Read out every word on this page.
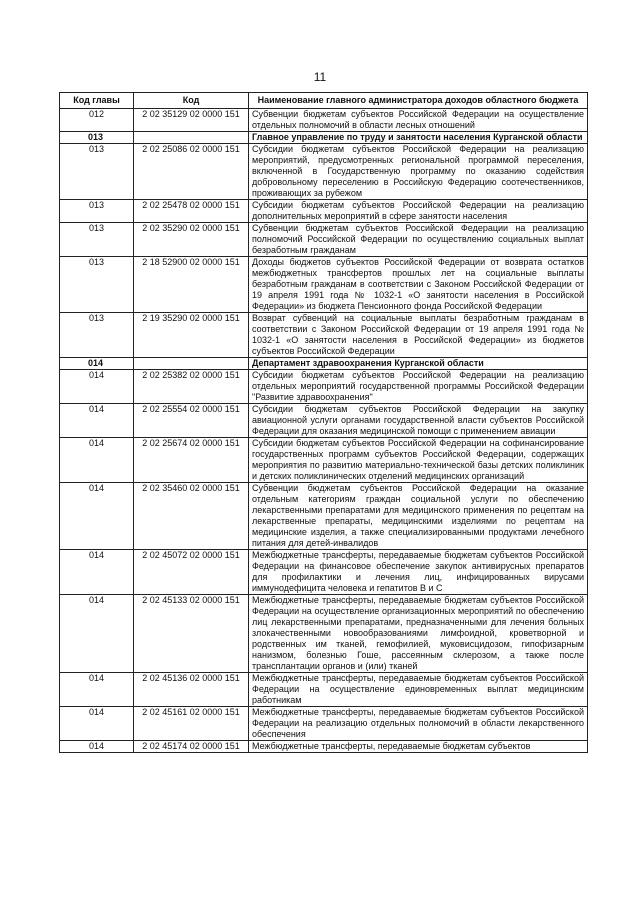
11
Код главы	Код	Наименование главного администратора доходов областного бюджета
012	2 02 35129 02 0000 151	Субвенции бюджетам субъектов Российской Федерации на осуществление отдельных полномочий в области лесных отношений
013		Главное управление по труду и занятости населения Курганской области
013	2 02 25086 02 0000 151	Субсидии бюджетам субъектов Российской Федерации на реализацию мероприятий, предусмотренных региональной программой переселения, включенной в Государственную программу по оказанию содействия добровольному переселению в Российскую Федерацию соотечественников, проживающих за рубежом
013	2 02 25478 02 0000 151	Субсидии бюджетам субъектов Российской Федерации на реализацию дополнительных мероприятий в сфере занятости населения
013	2 02 35290 02 0000 151	Субвенции бюджетам субъектов Российской Федерации на реализацию полномочий Российской Федерации по осуществлению социальных выплат безработным гражданам
013	2 18 52900 02 0000 151	Доходы бюджетов субъектов Российской Федерации от возврата остатков межбюджетных трансфертов прошлых лет на социальные выплаты безработным гражданам в соответствии с Законом Российской Федерации от 19 апреля 1991 года № 1032-1 «О занятости населения в Российской Федерации» из бюджета Пенсионного фонда Российской Федерации
013	2 19 35290 02 0000 151	Возврат субвенций на социальные выплаты безработным гражданам в соответствии с Законом Российской Федерации от 19 апреля 1991 года № 1032-1 «О занятости населения в Российской Федерации» из бюджетов субъектов Российской Федерации
014		Департамент здравоохранения Курганской области
014	2 02 25382 02 0000 151	Субсидии бюджетам субъектов Российской Федерации на реализацию отдельных мероприятий государственной программы Российской Федерации "Развитие здравоохранения"
014	2 02 25554 02 0000 151	Субсидии бюджетам субъектов Российской Федерации на закупку авиационной услуги органами государственной власти субъектов Российской Федерации для оказания медицинской помощи с применением авиации
014	2 02 25674 02 0000 151	Субсидии бюджетам субъектов Российской Федерации на софинансирование государственных программ субъектов Российской Федерации, содержащих мероприятия по развитию материально-технической базы детских поликлиник и детских поликлинических отделений медицинских организаций
014	2 02 35460 02 0000 151	Субвенции бюджетам субъектов Российской Федерации на оказание отдельным категориям граждан социальной услуги по обеспечению лекарственными препаратами для медицинского применения по рецептам на лекарственные препараты, медицинскими изделиями по рецептам на медицинские изделия, а также специализированными продуктами лечебного питания для детей-инвалидов
014	2 02 45072 02 0000 151	Межбюджетные трансферты, передаваемые бюджетам субъектов Российской Федерации на финансовое обеспечение закупок антивирусных препаратов для профилактики и лечения лиц, инфицированных вирусами иммунодефицита человека и гепатитов В и С
014	2 02 45133 02 0000 151	Межбюджетные трансферты, передаваемые бюджетам субъектов Российской Федерации на осуществление организационных мероприятий по обеспечению лиц лекарственными препаратами, предназначенными для лечения больных злокачественными новообразованиями лимфоидной, кроветворной и родственных им тканей, гемофилией, муковисцидозом, гипофизарным нанизмом, болезнью Гоше, рассеянным склерозом, а также после трансплантации органов и (или) тканей
014	2 02 45136 02 0000 151	Межбюджетные трансферты, передаваемые бюджетам субъектов Российской Федерации на осуществление единовременных выплат медицинским работникам
014	2 02 45161 02 0000 151	Межбюджетные трансферты, передаваемые бюджетам субъектов Российской Федерации на реализацию отдельных полномочий в области лекарственного обеспечения
014	2 02 45174 02 0000 151	Межбюджетные трансферты, передаваемые бюджетам субъектов
